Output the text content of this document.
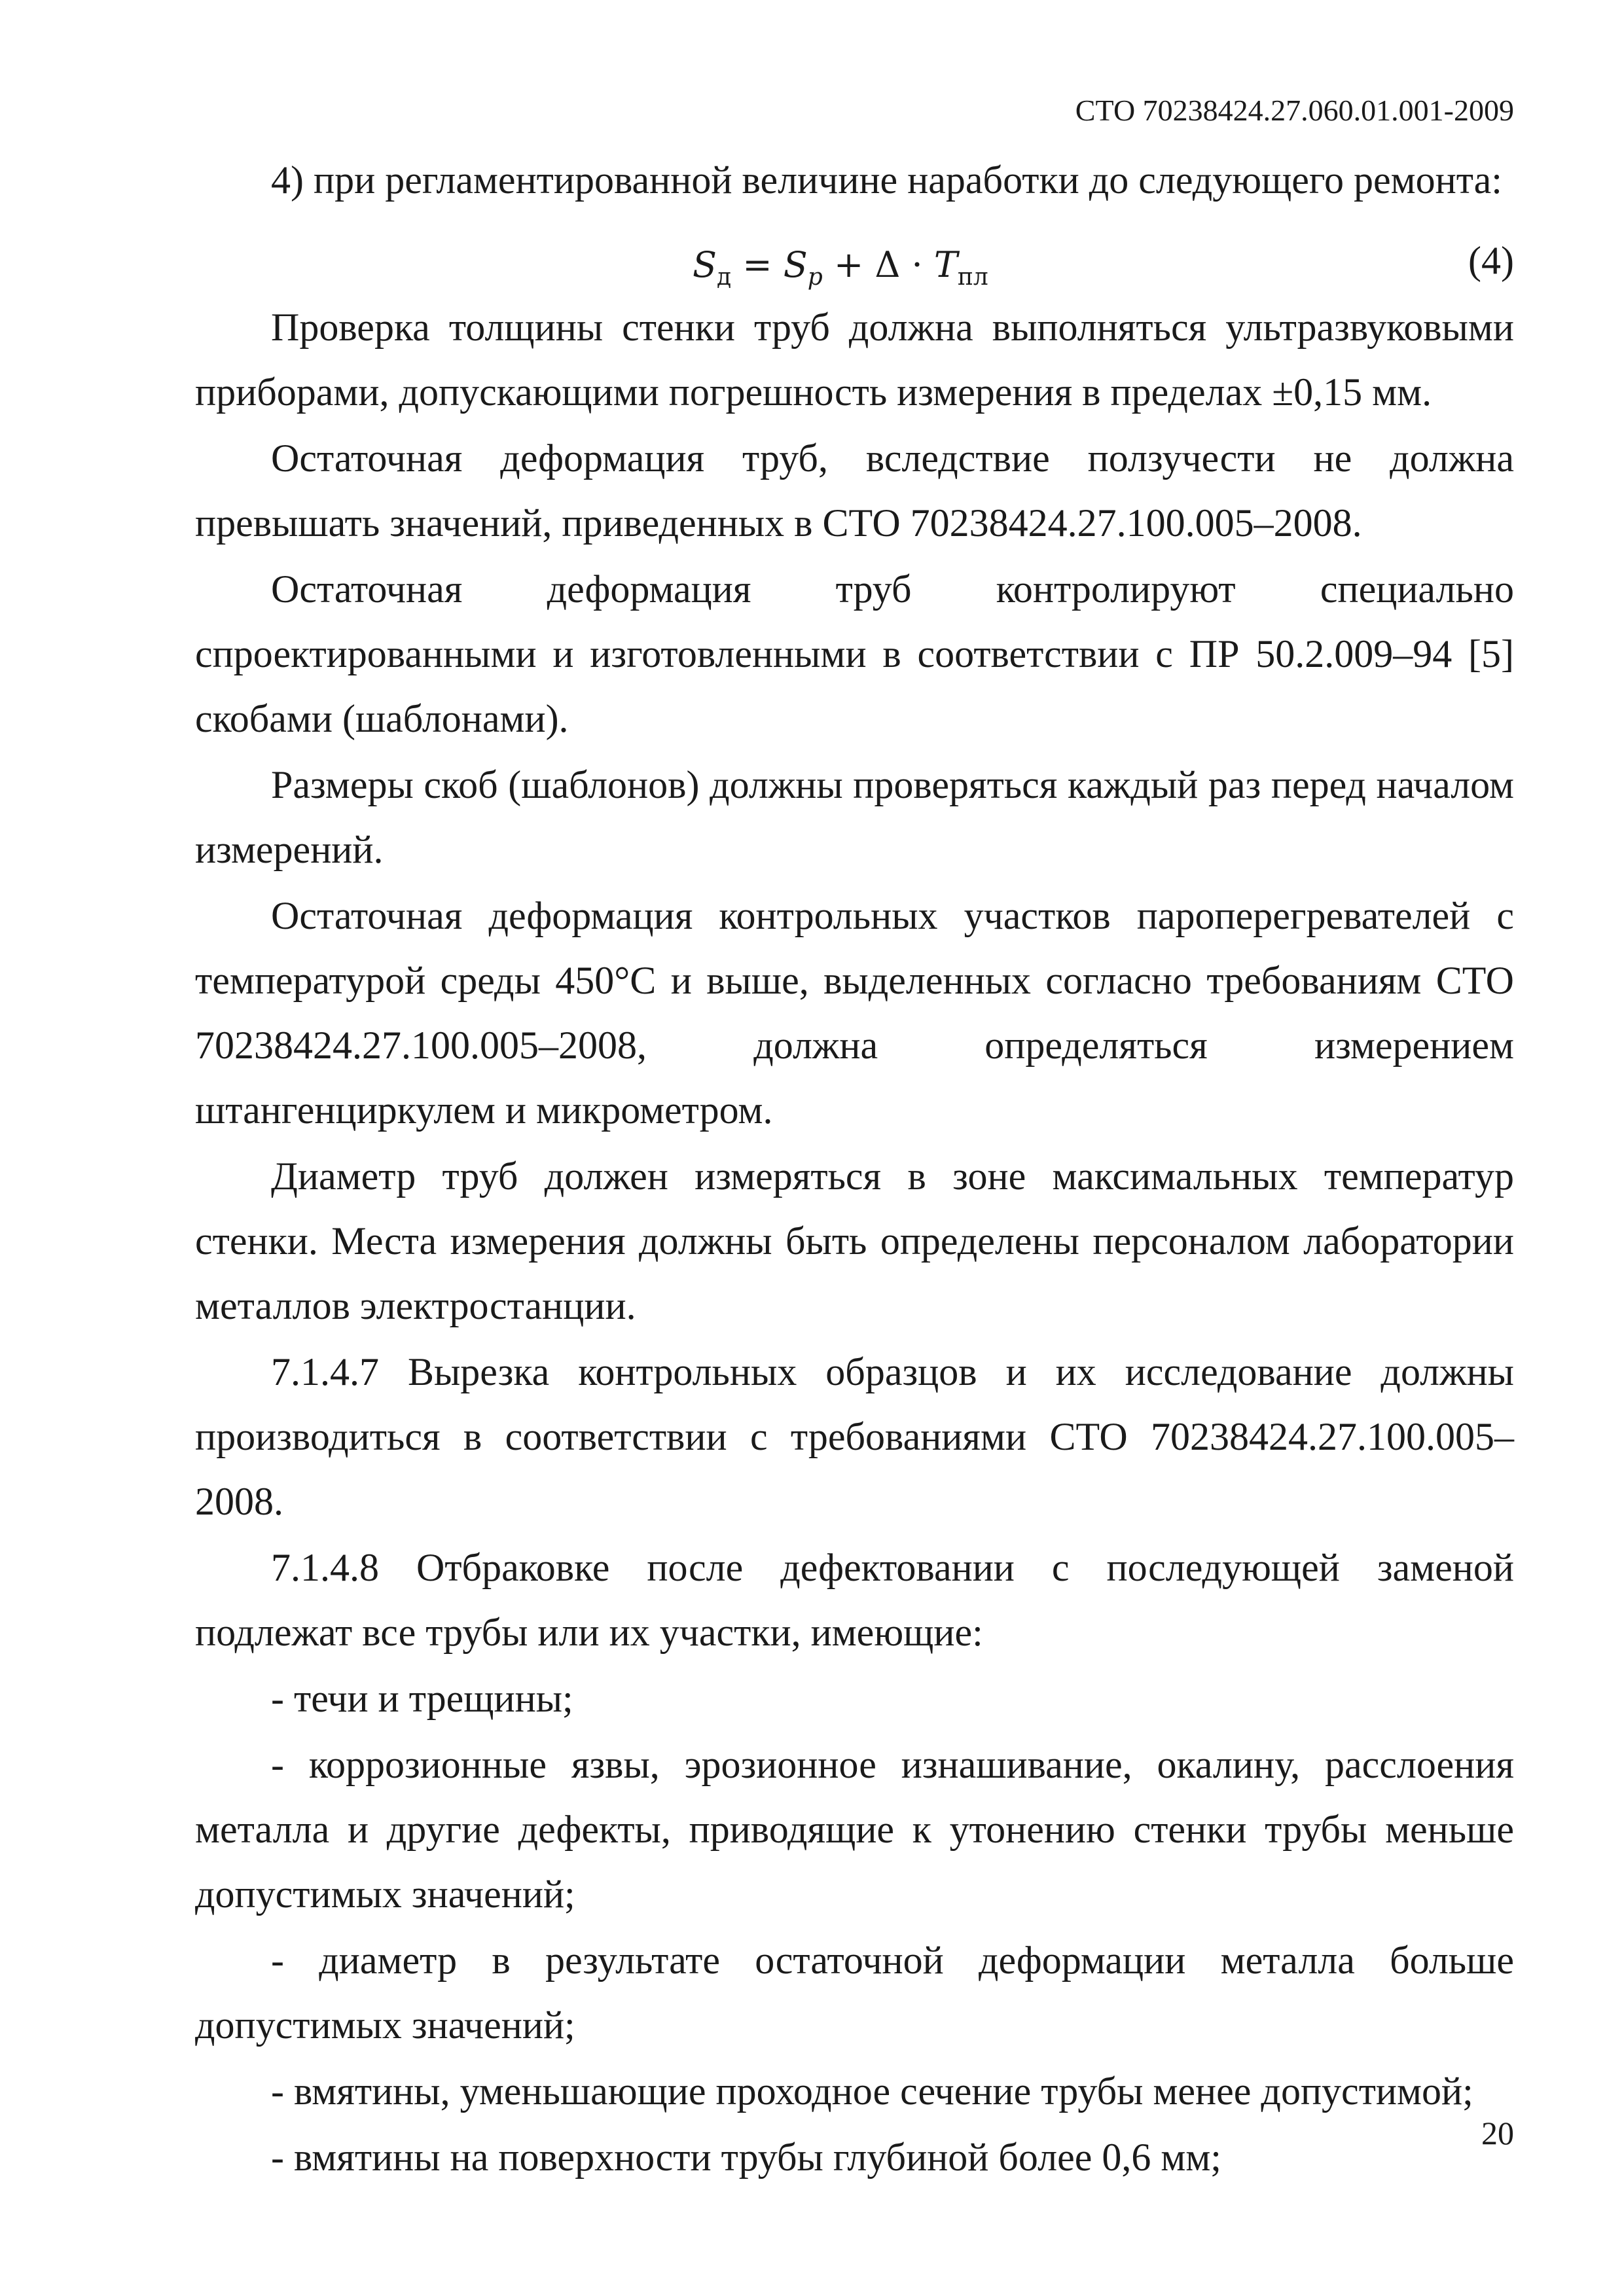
СТО 70238424.27.060.01.001-2009

4) при регламентированной величине наработки до следующего ремонта:

$S_д = S_p + \Delta \cdot T_{пл}$	(4)

Проверка толщины стенки труб должна выполняться ультразвуковыми приборами, допускающими погрешность измерения в пределах ±0,15 мм.

Остаточная деформация труб, вследствие ползучести не должна превышать значений, приведенных в СТО 70238424.27.100.005–2008.

Остаточная деформация труб контролируют специально спроектированными и изготовленными в соответствии с ПР 50.2.009–94 [5] скобами (шаблонами).

Размеры скоб (шаблонов) должны проверяться каждый раз перед началом измерений.

Остаточная деформация контрольных участков пароперегревателей с температурой среды 450°С и выше, выделенных согласно требованиям СТО 70238424.27.100.005–2008, должна определяться измерением штангенциркулем и микрометром.

Диаметр труб должен измеряться в зоне максимальных температур стенки. Места измерения должны быть определены персоналом лаборатории металлов электростанции.

7.1.4.7 Вырезка контрольных образцов и их исследование должны производиться в соответствии с требованиями СТО 70238424.27.100.005–2008.

7.1.4.8 Отбраковке после дефектовании с последующей заменой подлежат все трубы или их участки, имеющие:

- течи и трещины;

- коррозионные язвы, эрозионное изнашивание, окалину, расслоения металла и другие дефекты, приводящие к утонению стенки трубы меньше допустимых значений;

- диаметр в результате остаточной деформации металла больше допустимых значений;

- вмятины, уменьшающие проходное сечение трубы менее допустимой;

- вмятины на поверхности трубы глубиной более 0,6 мм;

20
